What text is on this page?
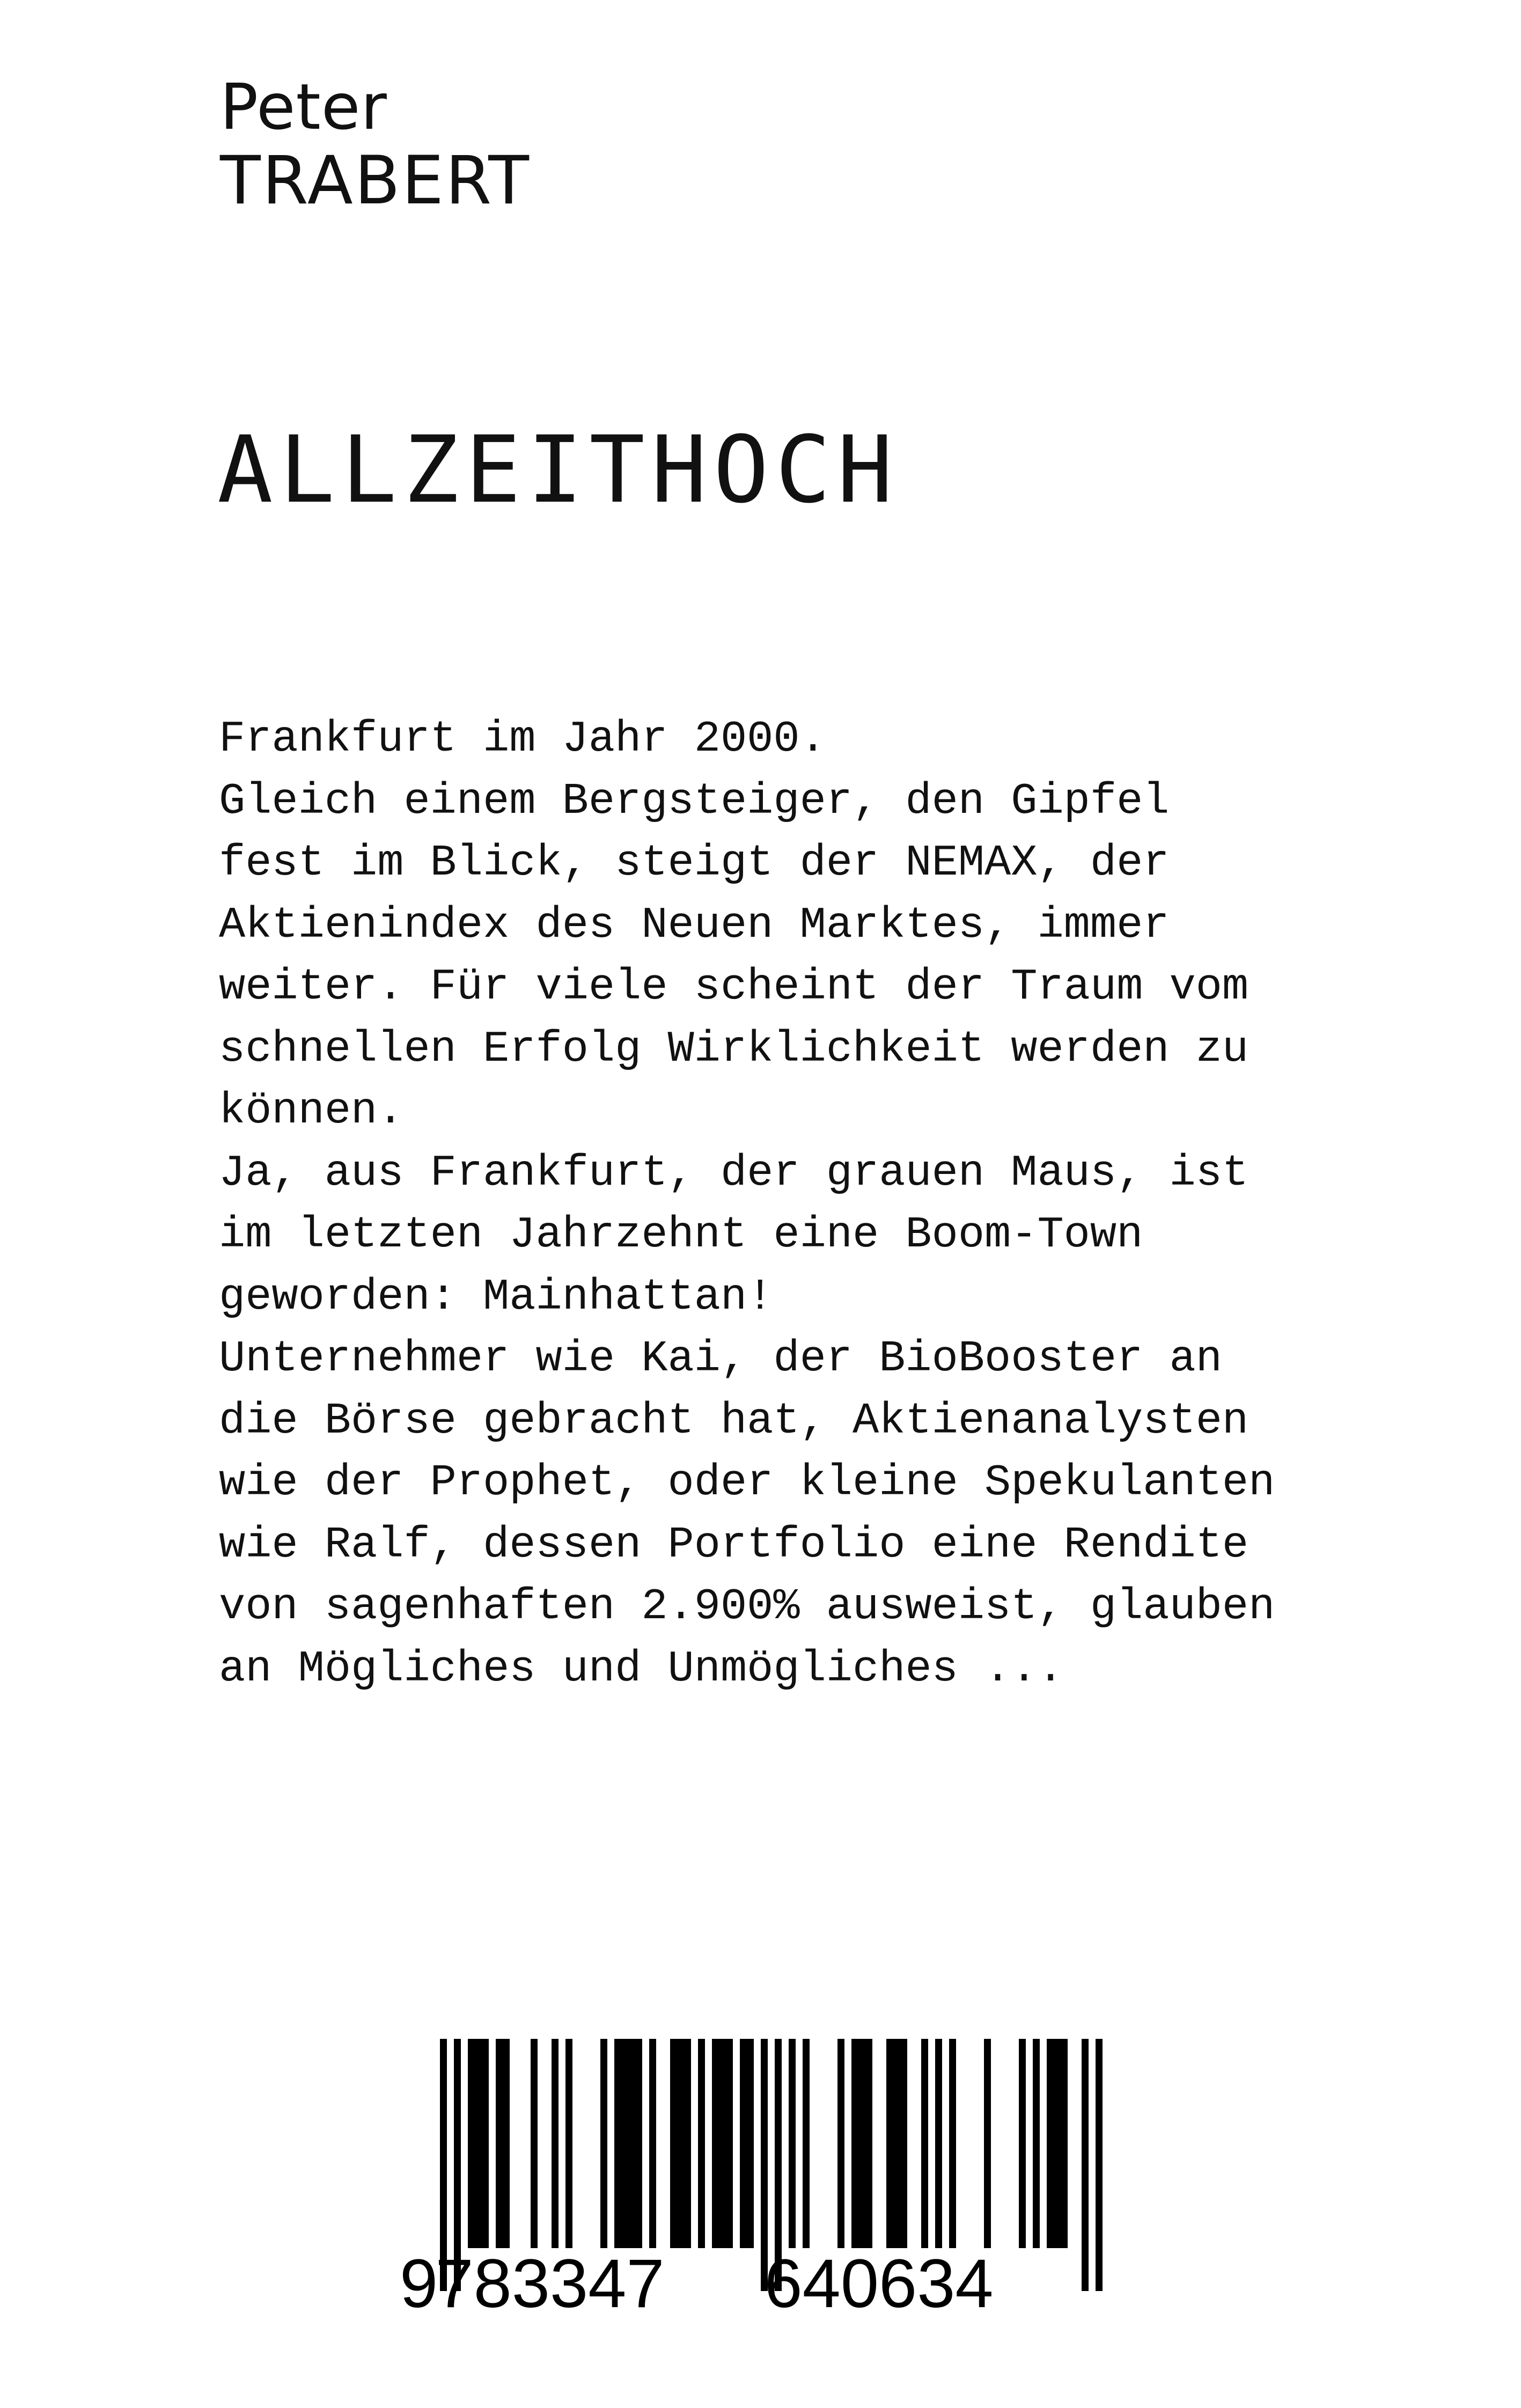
Peter
TRABERT
ALLZEITHOCH
Frankfurt im Jahr 2000.
Gleich einem Bergsteiger, den Gipfel
fest im Blick, steigt der NEMAX, der
Aktienindex des Neuen Marktes, immer
weiter. Für viele scheint der Traum vom
schnellen Erfolg Wirklichkeit werden zu
können.
Ja, aus Frankfurt, der grauen Maus, ist
im letzten Jahrzehnt eine Boom-Town
geworden: Mainhattan!
Unternehmer wie Kai, der BioBooster an
die Börse gebracht hat, Aktienanalysten
wie der Prophet, oder kleine Spekulanten
wie Ralf, dessen Portfolio eine Rendite
von sagenhaften 2.900% ausweist, glauben
an Mögliches und Unmögliches ...
9
783347 640634
